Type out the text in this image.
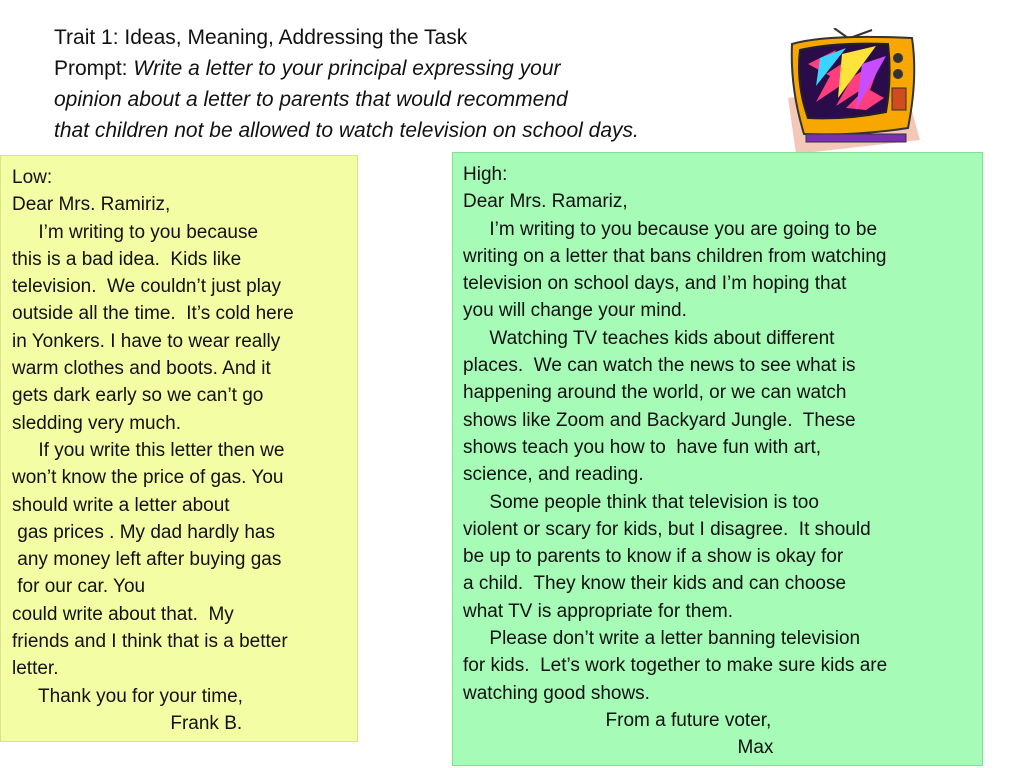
Trait 1: Ideas, Meaning, Addressing the Task
Prompt: Write a letter to your principal expressing your
opinion about a letter to parents that would recommend
that children not be allowed to watch television on school days.
Low:
Dear Mrs. Ramiriz,
I’m writing to you because
this is a bad idea.  Kids like
television.  We couldn’t just play
outside all the time.  It’s cold here
in Yonkers. I have to wear really
warm clothes and boots. And it
gets dark early so we can’t go
sledding very much.
If you write this letter then we
won’t know the price of gas. You
should write a letter about
gas prices . My dad hardly has
any money left after buying gas
for our car. You
could write about that.  My
friends and I think that is a better
letter.
Thank you for your time,
Frank B.
High:
Dear Mrs. Ramariz,
I’m writing to you because you are going to be
writing on a letter that bans children from watching
television on school days, and I’m hoping that
you will change your mind.
Watching TV teaches kids about different
places.  We can watch the news to see what is
happening around the world, or we can watch
shows like Zoom and Backyard Jungle.  These
shows teach you how to  have fun with art,
science, and reading.
Some people think that television is too
violent or scary for kids, but I disagree.  It should
be up to parents to know if a show is okay for
a child.  They know their kids and can choose
what TV is appropriate for them.
Please don’t write a letter banning television
for kids.  Let’s work together to make sure kids are
watching good shows.
From a future voter,
Max
